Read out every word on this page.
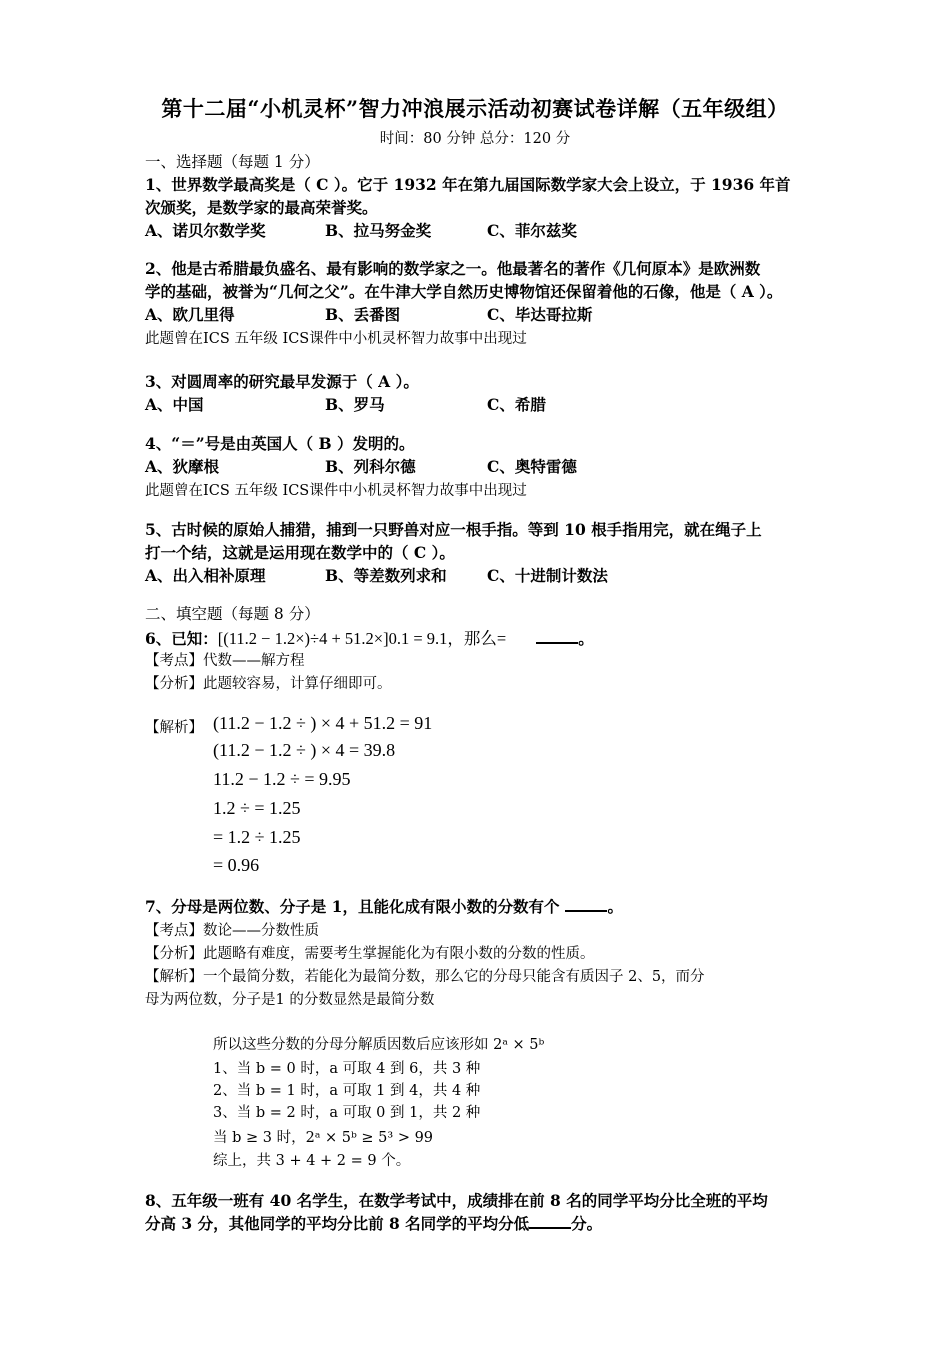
第十二届“小机灵杯”智力冲浪展示活动初赛试卷详解（五年级组）
时间：80 分钟 总分：120 分
一、选择题（每题 1 分）
1、世界数学最高奖是（ C ）。它于 1932 年在第九届国际数学家大会上设立，于 1936 年首
次颁奖，是数学家的最高荣誉奖。
A、诺贝尔数学奖	B、拉马努金奖	C、菲尔兹奖
2、他是古希腊最负盛名、最有影响的数学家之一。他最著名的著作《几何原本》是欧洲数
学的基础，被誉为“几何之父”。在牛津大学自然历史博物馆还保留着他的石像，他是（ A ）。
A、欧几里得	B、丢番图	C、毕达哥拉斯
此题曾在ICS 五年级 ICS课件中小机灵杯智力故事中出现过
3、对圆周率的研究最早发源于（ A ）。
A、中国	B、罗马	C、希腊
4、“＝”号是由英国人（ B ）发明的。
A、狄摩根	B、列科尔德	C、奥特雷德
此题曾在ICS 五年级 ICS课件中小机灵杯智力故事中出现过
5、古时候的原始人捕猎，捕到一只野兽对应一根手指。等到 10 根手指用完，就在绳子上
打一个结，这就是运用现在数学中的（ C ）。
A、出入相补原理	B、等差数列求和	C、十进制计数法
二、填空题（每题 8 分）
6、已知：[(11.2 − 1.2×)÷4 + 51.2×]0.1 = 9.1，那么=	。
【考点】代数——解方程
【分析】此题较容易，计算仔细即可。
【解析】 (11.2 − 1.2 ÷ ) × 4 + 51.2 = 91
(11.2 − 1.2 ÷ ) × 4 = 39.8
11.2 − 1.2 ÷ = 9.95
1.2 ÷ = 1.25
= 1.2 ÷ 1.25
= 0.96
7、分母是两位数、分子是 1，且能化成有限小数的分数有个	。
【考点】数论——分数性质
【分析】此题略有难度，需要考生掌握能化为有限小数的分数的性质。
【解析】一个最简分数，若能化为最简分数，那么它的分母只能含有质因子 2、5，而分
母为两位数，分子是1 的分数显然是最简分数
所以这些分数的分母分解质因数后应该形如 2ᵃ × 5ᵇ
1、当 b = 0 时，a 可取 4 到 6，共 3 种
2、当 b = 1 时，a 可取 1 到 4，共 4 种
3、当 b = 2 时，a 可取 0 到 1，共 2 种
当 b ≥ 3 时，2ᵃ × 5ᵇ ≥ 5³ > 99
综上，共 3 + 4 + 2 = 9 个。
8、五年级一班有 40 名学生，在数学考试中，成绩排在前 8 名的同学平均分比全班的平均
分高 3 分，其他同学的平均分比前 8 名同学的平均分低	分。
